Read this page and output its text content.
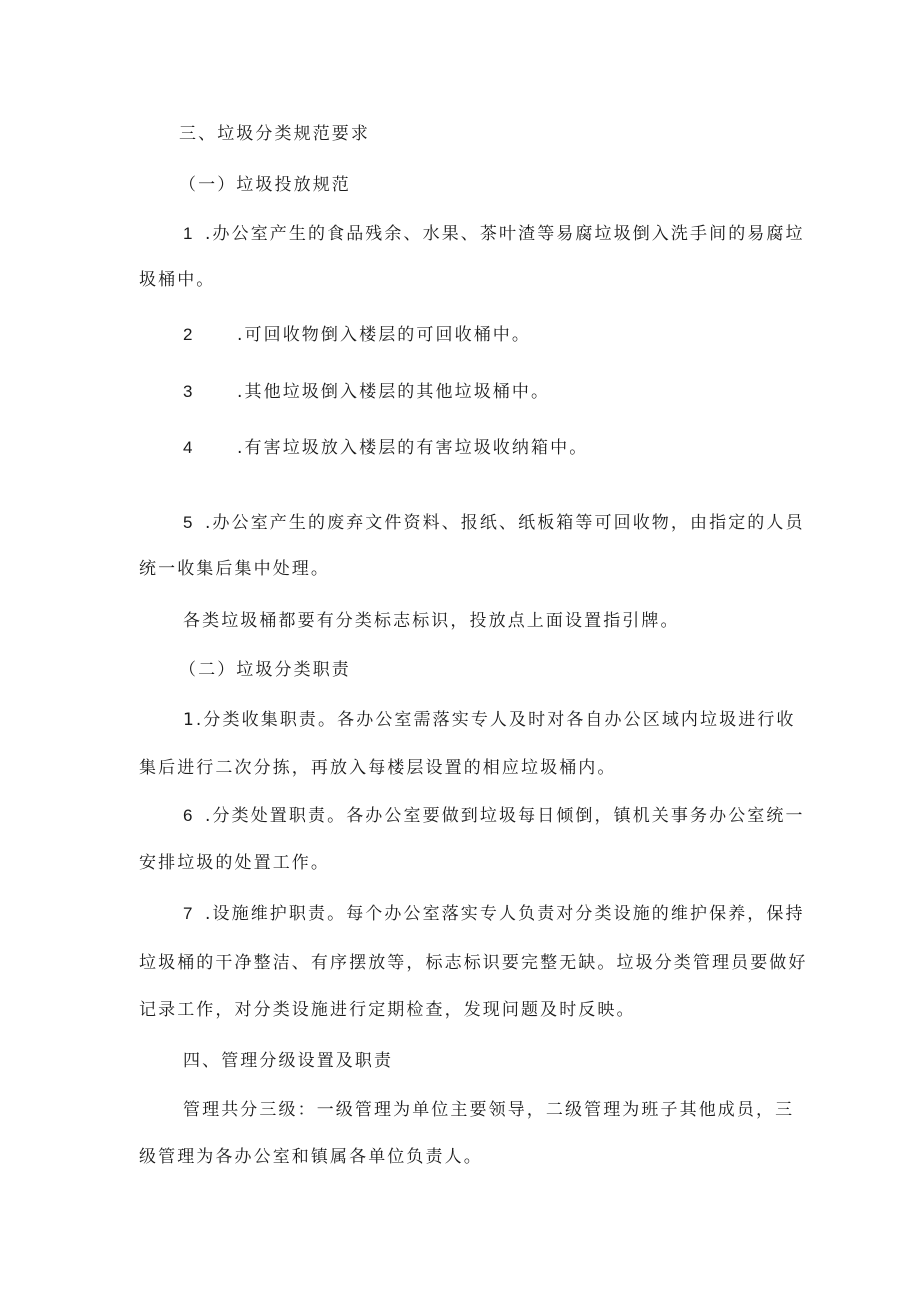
三、垃圾分类规范要求
（一）垃圾投放规范
1 .办公室产生的食品残余、水果、茶叶渣等易腐垃圾倒入洗手间的易腐垃
圾桶中。
2	.可回收物倒入楼层的可回收桶中。
3	.其他垃圾倒入楼层的其他垃圾桶中。
4	.有害垃圾放入楼层的有害垃圾收纳箱中。
5 .办公室产生的废弃文件资料、报纸、纸板箱等可回收物，由指定的人员
统一收集后集中处理。
各类垃圾桶都要有分类标志标识，投放点上面设置指引牌。
（二）垃圾分类职责
1.分类收集职责。各办公室需落实专人及时对各自办公区域内垃圾进行收
集后进行二次分拣，再放入每楼层设置的相应垃圾桶内。
6 .分类处置职责。各办公室要做到垃圾每日倾倒，镇机关事务办公室统一
安排垃圾的处置工作。
7 .设施维护职责。每个办公室落实专人负责对分类设施的维护保养，保持
垃圾桶的干净整洁、有序摆放等，标志标识要完整无缺。垃圾分类管理员要做好
记录工作，对分类设施进行定期检查，发现问题及时反映。
四、管理分级设置及职责
管理共分三级：一级管理为单位主要领导，二级管理为班子其他成员，三
级管理为各办公室和镇属各单位负责人。
